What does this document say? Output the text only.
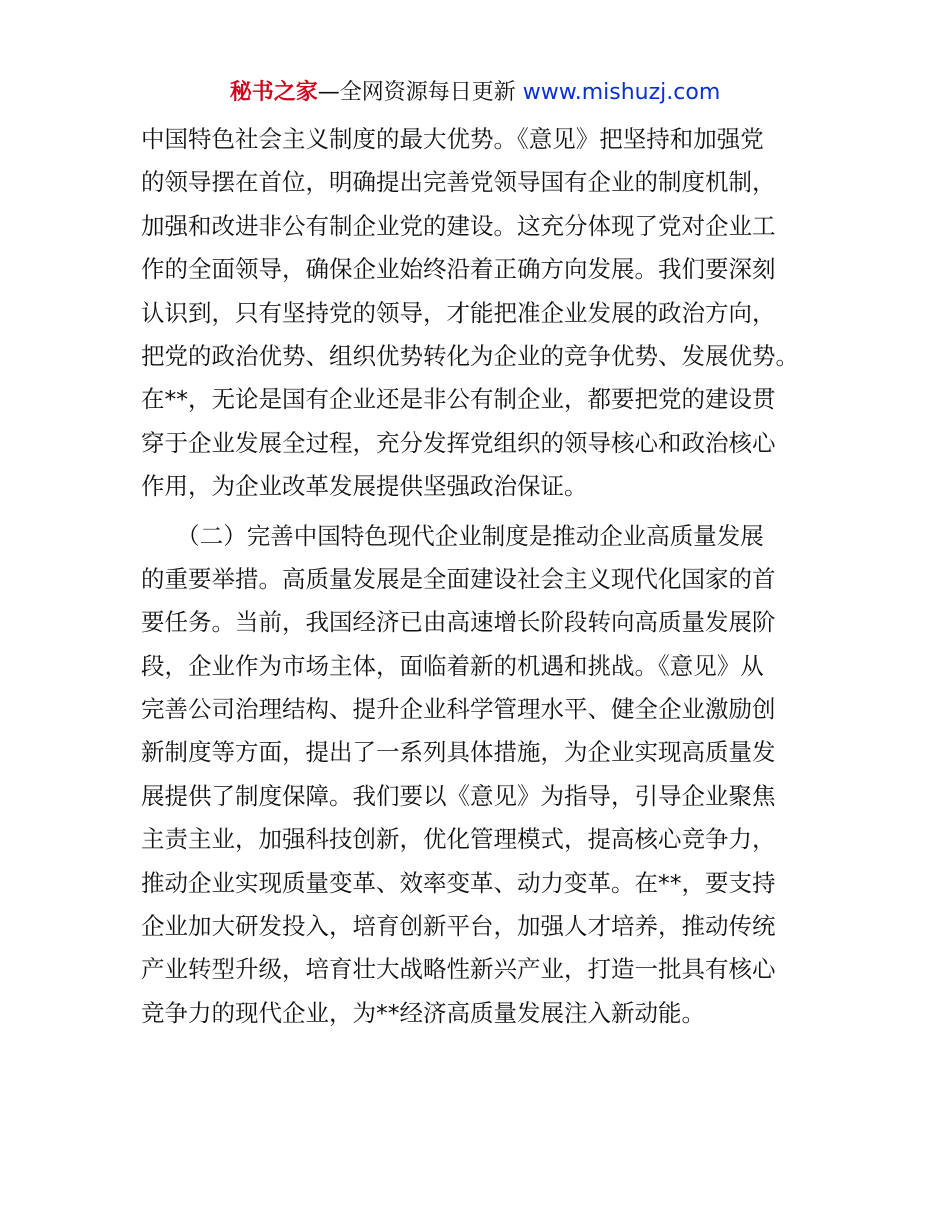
秘书之家—全网资源每日更新 www.mishuzj.com
中国特色社会主义制度的最大优势。《意见》把坚持和加强党
的领导摆在首位，明确提出完善党领导国有企业的制度机制，
加强和改进非公有制企业党的建设。这充分体现了党对企业工
作的全面领导，确保企业始终沿着正确方向发展。我们要深刻
认识到，只有坚持党的领导，才能把准企业发展的政治方向，
把党的政治优势、组织优势转化为企业的竞争优势、发展优势。
在**，无论是国有企业还是非公有制企业，都要把党的建设贯
穿于企业发展全过程，充分发挥党组织的领导核心和政治核心
作用，为企业改革发展提供坚强政治保证。
　　（二）完善中国特色现代企业制度是推动企业高质量发展
的重要举措。高质量发展是全面建设社会主义现代化国家的首
要任务。当前，我国经济已由高速增长阶段转向高质量发展阶
段，企业作为市场主体，面临着新的机遇和挑战。《意见》从
完善公司治理结构、提升企业科学管理水平、健全企业激励创
新制度等方面，提出了一系列具体措施，为企业实现高质量发
展提供了制度保障。我们要以《意见》为指导，引导企业聚焦
主责主业，加强科技创新，优化管理模式，提高核心竞争力，
推动企业实现质量变革、效率变革、动力变革。在**，要支持
企业加大研发投入，培育创新平台，加强人才培养，推动传统
产业转型升级，培育壮大战略性新兴产业，打造一批具有核心
竞争力的现代企业，为**经济高质量发展注入新动能。
